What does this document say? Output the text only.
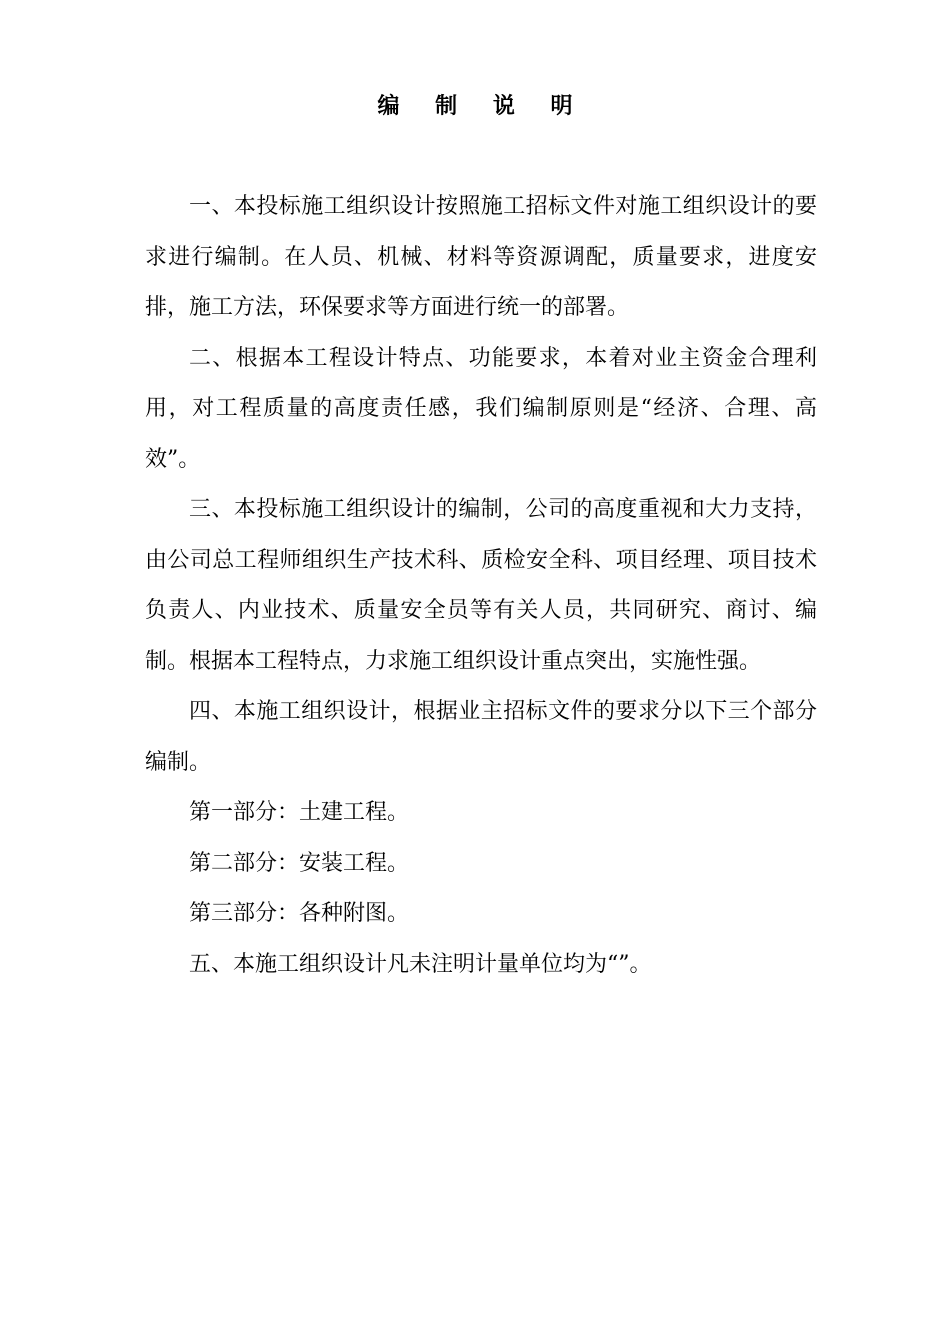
编 制 说 明

一、本投标施工组织设计按照施工招标文件对施工组织设计的要求进行编制。在人员、机械、材料等资源调配，质量要求，进度安排，施工方法，环保要求等方面进行统一的部署。

二、根据本工程设计特点、功能要求，本着对业主资金合理利用，对工程质量的高度责任感，我们编制原则是“经济、合理、高效”。

三、本投标施工组织设计的编制，公司的高度重视和大力支持，由公司总工程师组织生产技术科、质检安全科、项目经理、项目技术负责人、内业技术、质量安全员等有关人员，共同研究、商讨、编制。根据本工程特点，力求施工组织设计重点突出，实施性强。

四、本施工组织设计，根据业主招标文件的要求分以下三个部分编制。

第一部分：土建工程。

第二部分：安装工程。

第三部分：各种附图。

五、本施工组织设计凡未注明计量单位均为“”。
